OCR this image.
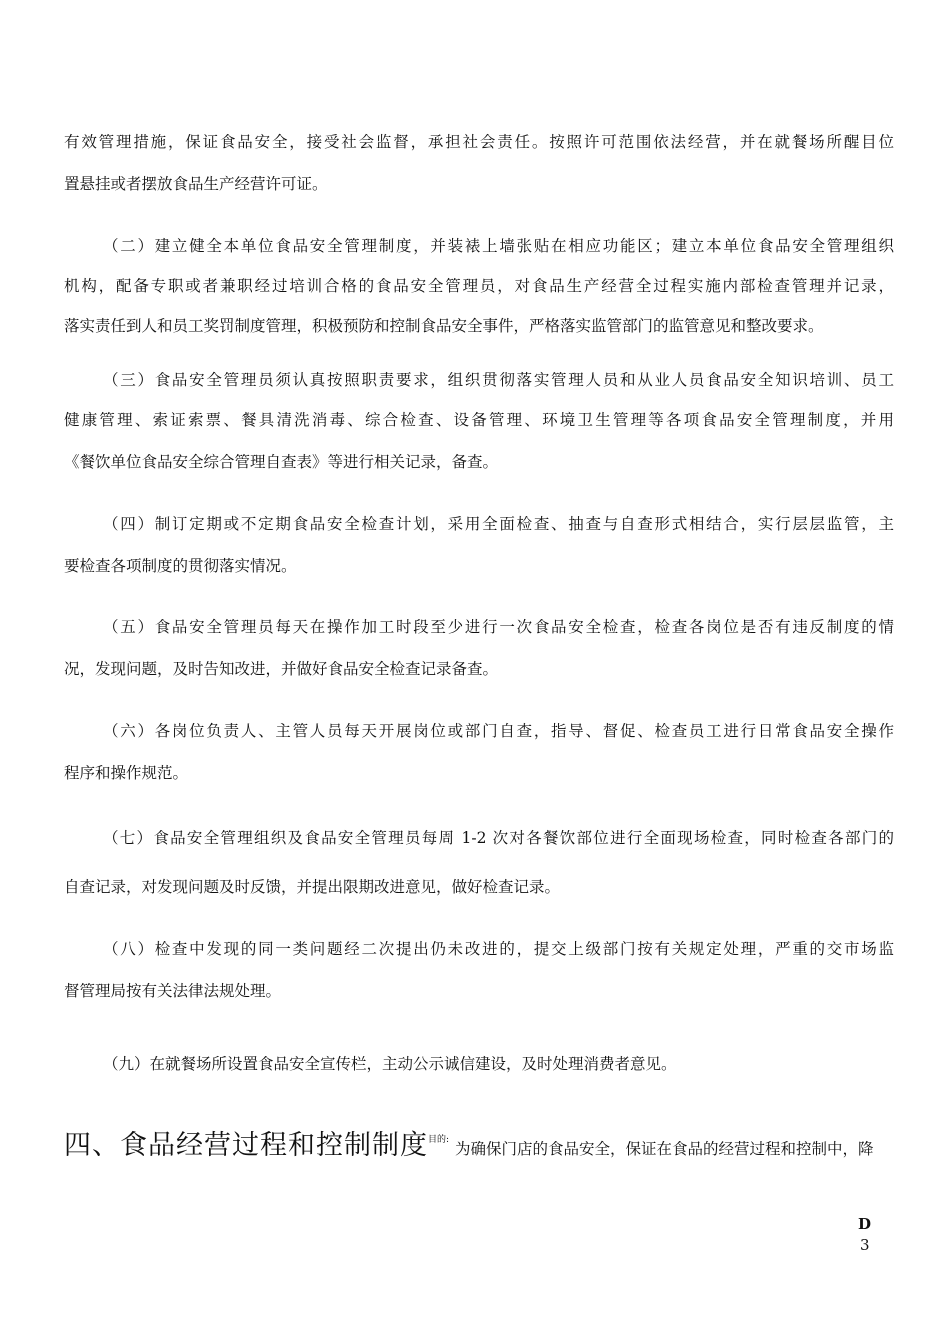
有效管理措施，保证食品安全，接受社会监督，承担社会责任。按照许可范围依法经营，并在就餐场所醒目位
置悬挂或者摆放食品生产经营许可证。
（二）建立健全本单位食品安全管理制度，并装裱上墙张贴在相应功能区；建立本单位食品安全管理组织
机构，配备专职或者兼职经过培训合格的食品安全管理员，对食品生产经营全过程实施内部检查管理并记录，
落实责任到人和员工奖罚制度管理，积极预防和控制食品安全事件，严格落实监管部门的监管意见和整改要求。
（三）食品安全管理员须认真按照职责要求，组织贯彻落实管理人员和从业人员食品安全知识培训、员工
健康管理、索证索票、餐具清洗消毒、综合检查、设备管理、环境卫生管理等各项食品安全管理制度，并用
《餐饮单位食品安全综合管理自查表》等进行相关记录，备查。
（四）制订定期或不定期食品安全检查计划，采用全面检查、抽查与自查形式相结合，实行层层监管，主
要检查各项制度的贯彻落实情况。
（五）食品安全管理员每天在操作加工时段至少进行一次食品安全检查，检查各岗位是否有违反制度的情
况，发现问题，及时告知改进，并做好食品安全检查记录备查。
（六）各岗位负责人、主管人员每天开展岗位或部门自查，指导、督促、检查员工进行日常食品安全操作
程序和操作规范。
（七）食品安全管理组织及食品安全管理员每周 1-2 次对各餐饮部位进行全面现场检查，同时检查各部门的
自查记录，对发现问题及时反馈，并提出限期改进意见，做好检查记录。
（八）检查中发现的同一类问题经二次提出仍未改进的，提交上级部门按有关规定处理，严重的交市场监
督管理局按有关法律法规处理。
（九）在就餐场所设置食品安全宣传栏，主动公示诚信建设，及时处理消费者意见。
四、食品经营过程和控制制度$^{目的:}$ 为确保门店的食品安全，保证在食品的经营过程和控制中，降
D
3
